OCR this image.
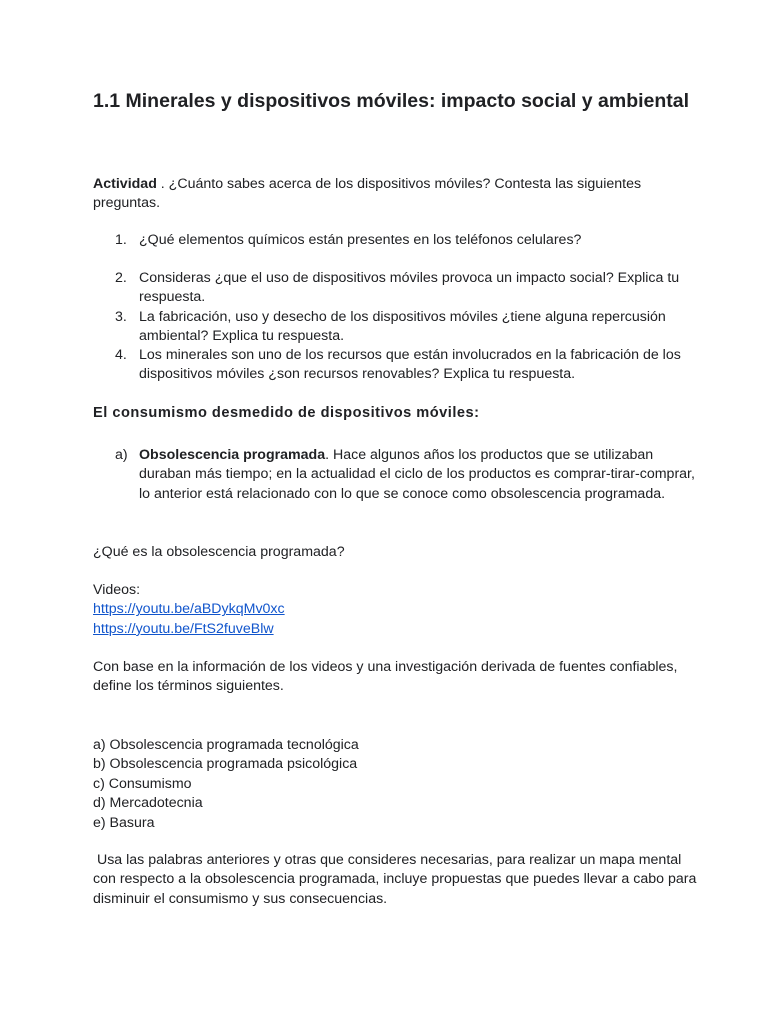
1.1 Minerales y dispositivos móviles: impacto social y ambiental

Actividad . ¿Cuánto sabes acerca de los dispositivos móviles? Contesta las siguientes preguntas.

1. ¿Qué elementos químicos están presentes en los teléfonos celulares?
2. Consideras ¿que el uso de dispositivos móviles provoca un impacto social? Explica tu respuesta.
3. La fabricación, uso y desecho de los dispositivos móviles ¿tiene alguna repercusión ambiental? Explica tu respuesta.
4. Los minerales son uno de los recursos que están involucrados en la fabricación de los dispositivos móviles ¿son recursos renovables? Explica tu respuesta.
El consumismo desmedido de dispositivos móviles:
a) Obsolescencia programada. Hace algunos años los productos que se utilizaban duraban más tiempo; en la actualidad el ciclo de los productos es comprar-tirar-comprar, lo anterior está relacionado con lo que se conoce como obsolescencia programada.

¿Qué es la obsolescencia programada?

Videos:
https://youtu.be/aBDykqMv0xc
https://youtu.be/FtS2fuveBlw

Con base en la información de los videos y una investigación derivada de fuentes confiables, define los términos siguientes.

a) Obsolescencia programada tecnológica
b) Obsolescencia programada psicológica
c) Consumismo
d) Mercadotecnia
e) Basura

Usa las palabras anteriores y otras que consideres necesarias, para realizar un mapa mental con respecto a la obsolescencia programada, incluye propuestas que puedes llevar a cabo para disminuir el consumismo y sus consecuencias.
